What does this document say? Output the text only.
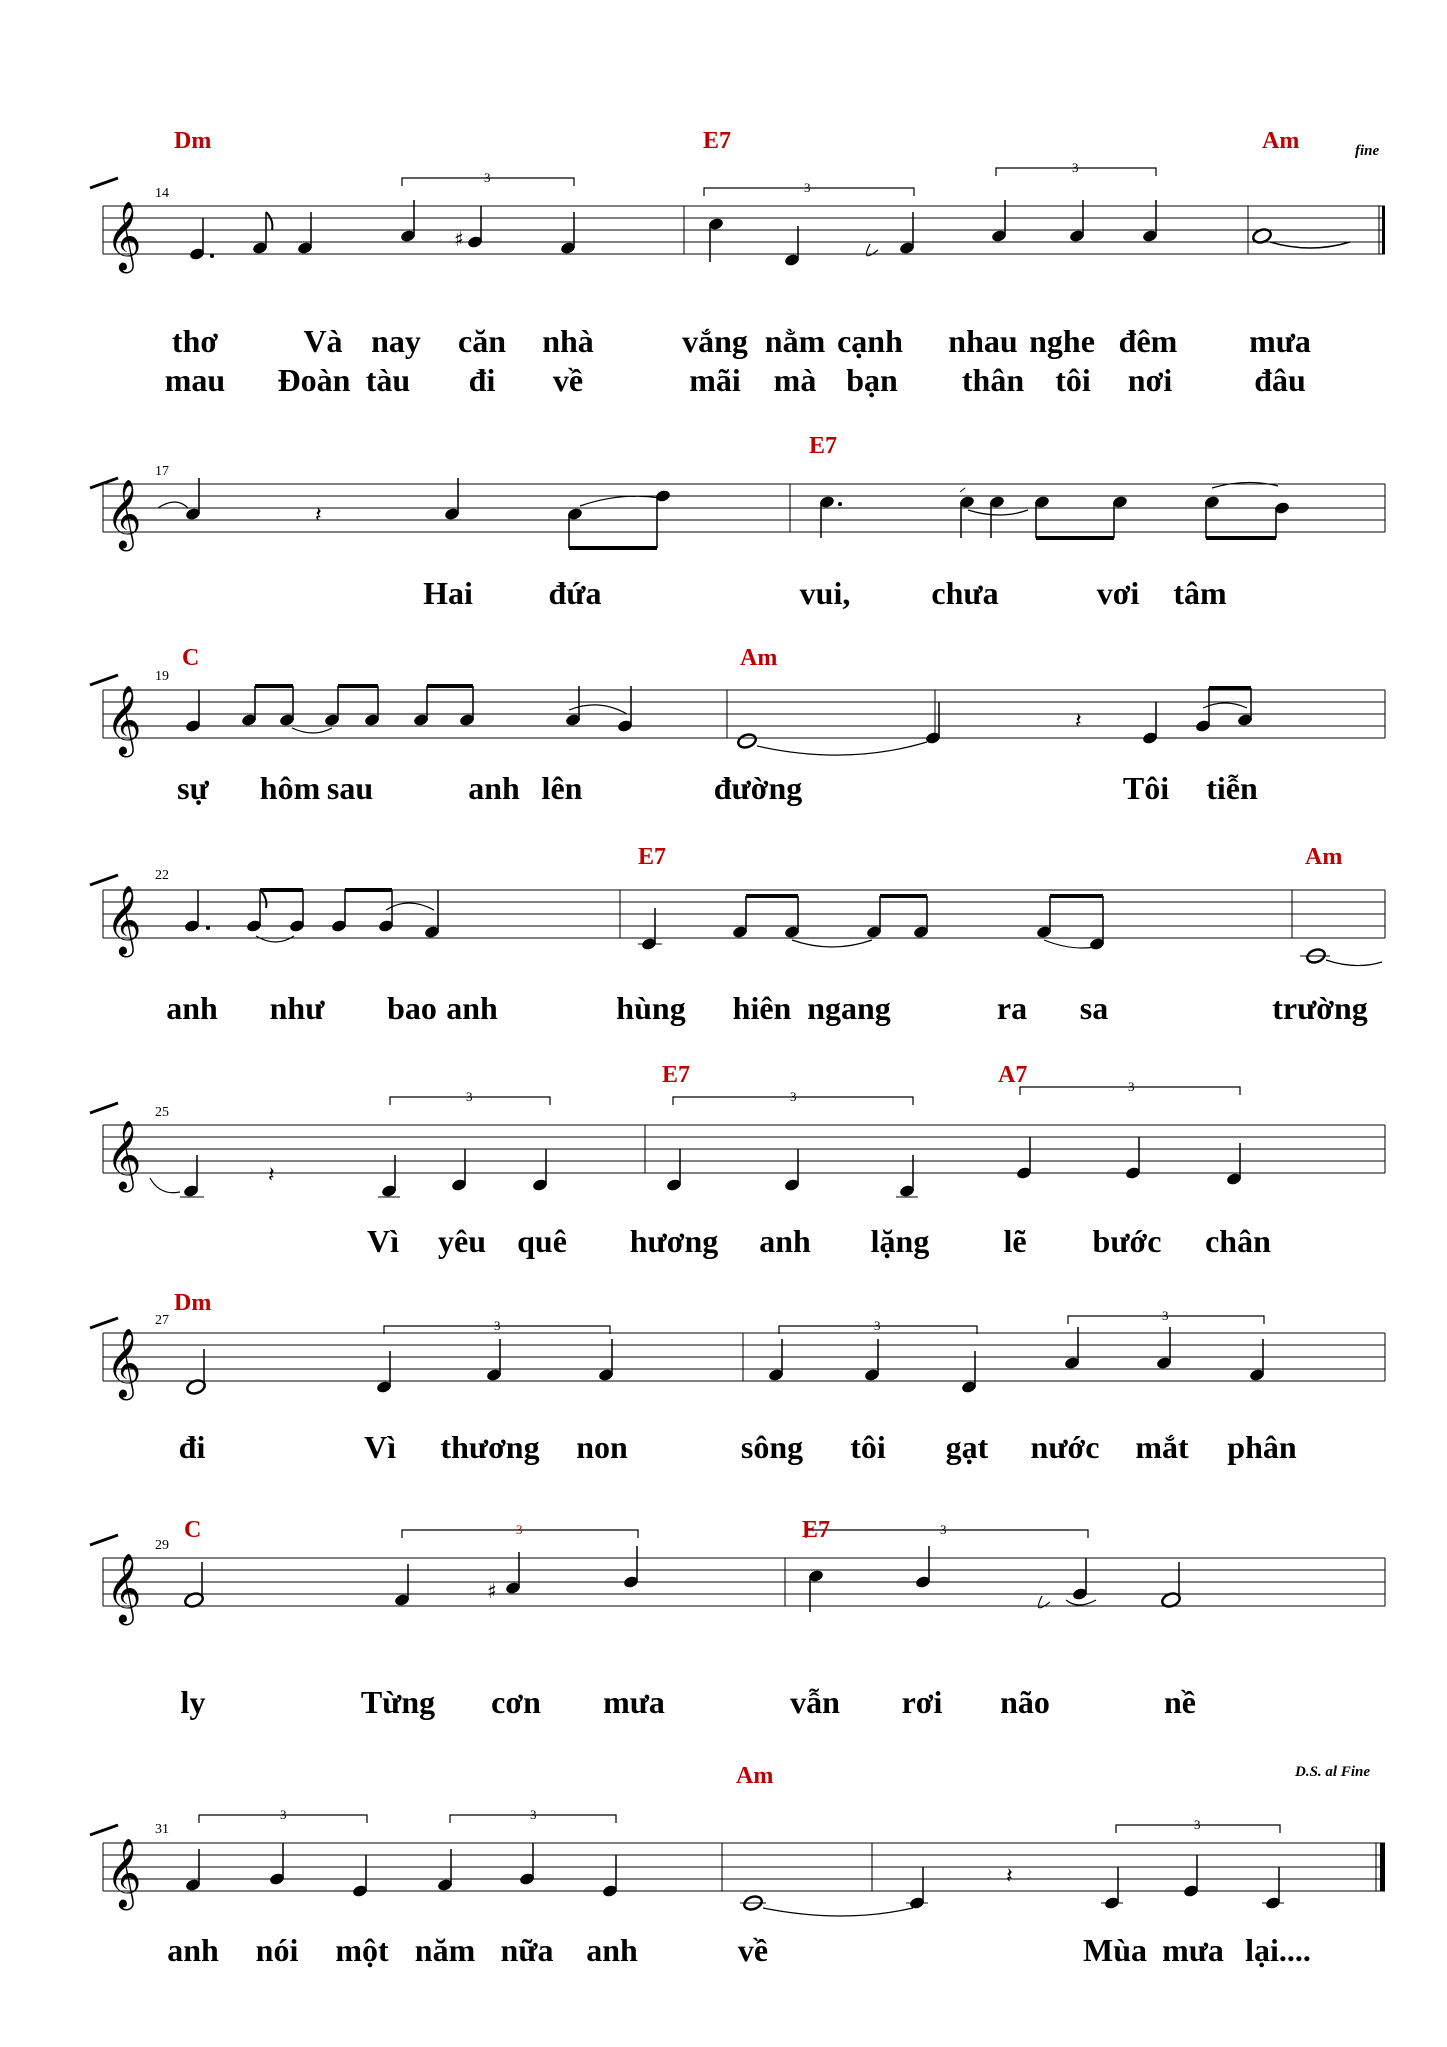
𝄞	♯
3
3
3
14
Dm	E7	Am	fine
thơ	Và nay căn nhà	vắng nằm cạnh nhau nghe đêm mưa
mau Đoàn tàu đi về	mãi mà bạn thân tôi nơi	đâu
𝄞	𝄽
17
E7
Hai đứa	vui,	chưa	vơi tâm
𝄞	𝄽
19
C	Am
sự hôm sau	anh lên	đường	Tôi tiễn
𝄞
22
E7	Am
anh như bao anh	hùng hiên ngang	ra sa	trường
𝄞	𝄽
3	3
3
25
E7	A7
Vì yêu quê hương anh lặng lẽ bước chân
𝄞
3	3
3
27
Dm
đi	Vì thương non	sông tôi gạt nước mắt phân
𝄞	♯
3	3
29
C	E7
ly	Từng cơn mưa	vẫn rơi não	nề
𝄞	𝄽
3	3
3
31
Am	D.S. al Fine
anh nói một năm nữa anh	về	Mùa mưa lại....
